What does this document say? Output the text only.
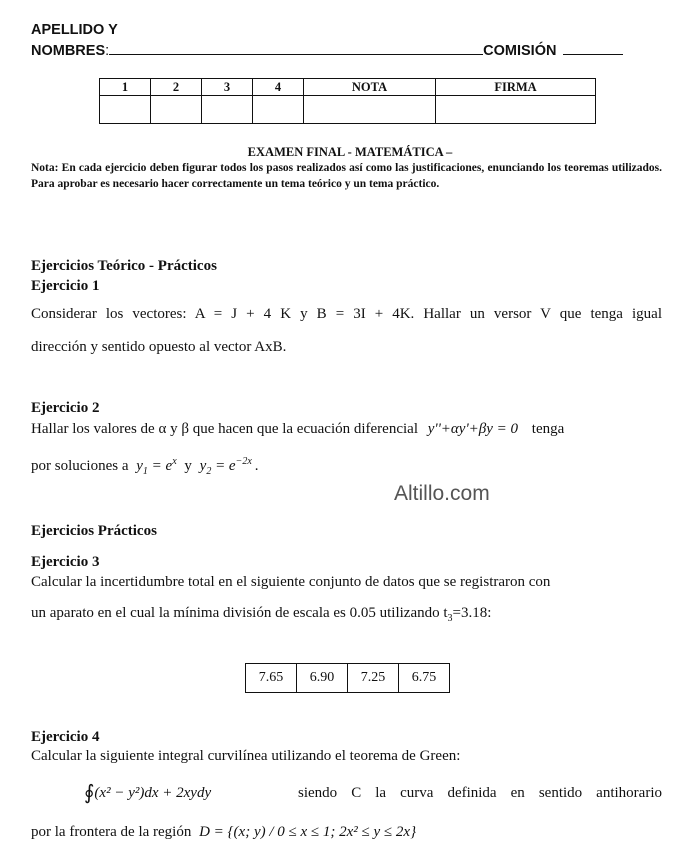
APELLIDO Y
NOMBRES:	COMISIÓN
1	2	3	4	NOTA	FIRMA

EXAMEN FINAL - MATEMÁTICA –
Nota: En cada ejercicio deben figurar todos los pasos realizados así como las justificaciones, enunciando los teoremas utilizados. Para aprobar es necesario hacer correctamente un tema teórico y un tema práctico.
Ejercicios Teórico - Prácticos
Ejercicio 1
Considerar los vectores: A = J + 4 K y B = 3I + 4K. Hallar un versor V que tenga igual
dirección y sentido opuesto al vector AxB.
Ejercicio 2
Hallar los valores de α y β que hacen que la ecuación diferencial y''+αy'+βy = 0 tenga
por soluciones a $y_1 = e^x$ y $y_2 = e^{-2x}$ .
Altillo.com
Ejercicios Prácticos
Ejercicio 3
Calcular la incertidumbre total en el siguiente conjunto de datos que se registraron con
un aparato en el cual la mínima división de escala es 0.05 utilizando $t_3=3.18$:
7.65	6.90	7.25	6.75
Ejercicio 4
Calcular la siguiente integral curvilínea utilizando el teorema de Green:
∮(x² − y²)dx + 2xydy	siendo C la curva definida en sentido antihorario
por la frontera de la región D = {(x; y) / 0 ≤ x ≤ 1; 2x² ≤ y ≤ 2x}
